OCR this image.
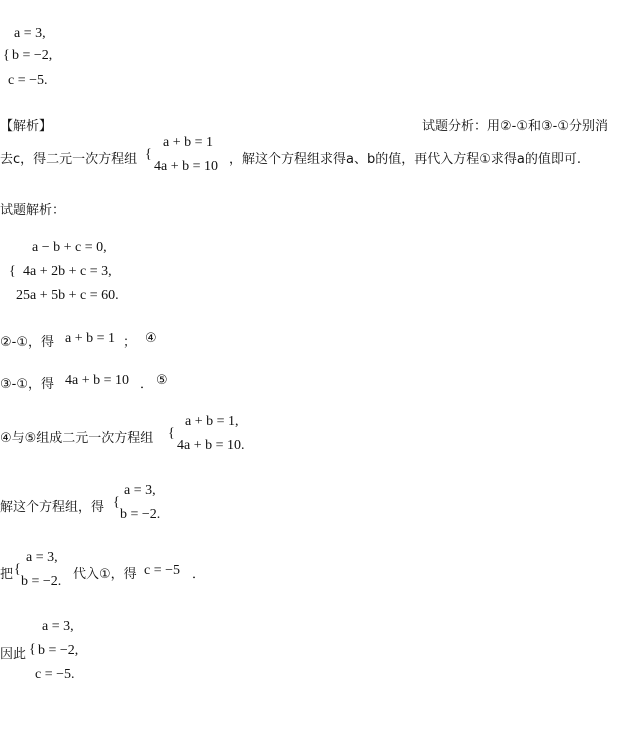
a = 3,
{ b = −2,
c = −5.
【解析】	试题分析：用②-①和③-①分别消
去c，得二元一次方程组 {
a + b = 1
4a + b = 10 ，解这个方程组求得a、b的值，再代入方程①求得a的值即可.
试题解析：
a − b + c = 0,
{ 4a + 2b + c = 3,
25a + 5b + c = 60.
②-①，得 a + b = 1 ； ④
③-①，得 4a + b = 10 ． ⑤
④与⑤组成二元一次方程组 {
a + b = 1,
4a + b = 10.
解这个方程组，得 {
a = 3,
b = −2.
把 {
a = 3,
b = −2. 代入①，得 c = −5 ．
a = 3,
因此 { b = −2,
c = −5.
